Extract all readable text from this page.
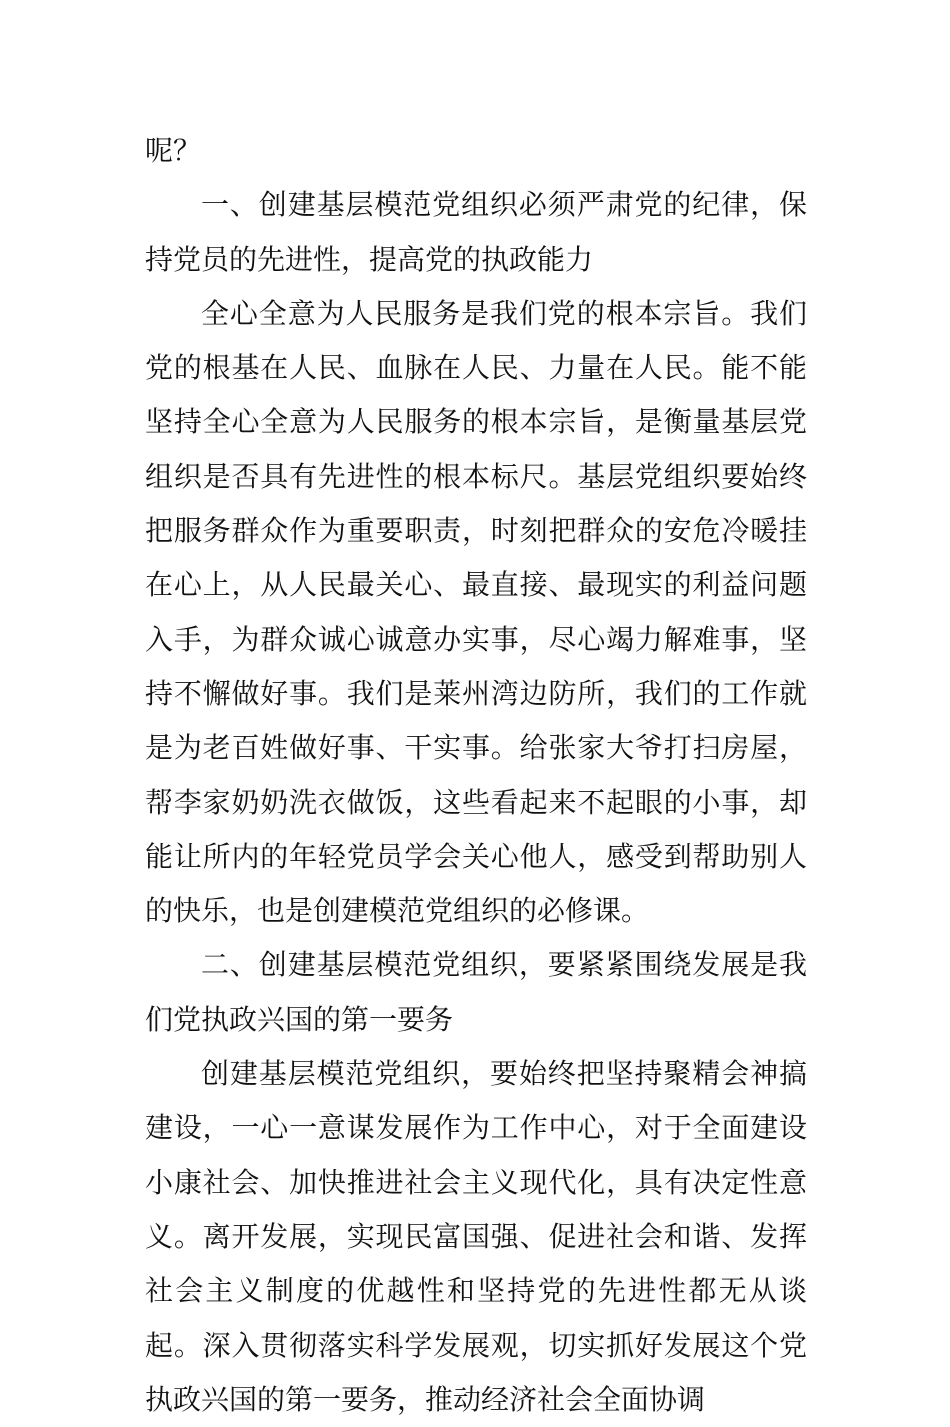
呢？

一、创建基层模范党组织必须严肃党的纪律，保持党员的先进性，提高党的执政能力

全心全意为人民服务是我们党的根本宗旨。我们党的根基在人民、血脉在人民、力量在人民。能不能坚持全心全意为人民服务的根本宗旨，是衡量基层党组织是否具有先进性的根本标尺。基层党组织要始终把服务群众作为重要职责，时刻把群众的安危冷暖挂在心上，从人民最关心、最直接、最现实的利益问题入手，为群众诚心诚意办实事，尽心竭力解难事，坚持不懈做好事。我们是莱州湾边防所，我们的工作就是为老百姓做好事、干实事。给张家大爷打扫房屋，帮李家奶奶洗衣做饭，这些看起来不起眼的小事，却能让所内的年轻党员学会关心他人，感受到帮助别人的快乐，也是创建模范党组织的必修课。

二、创建基层模范党组织，要紧紧围绕发展是我们党执政兴国的第一要务

创建基层模范党组织，要始终把坚持聚精会神搞建设，一心一意谋发展作为工作中心，对于全面建设小康社会、加快推进社会主义现代化，具有决定性意义。离开发展，实现民富国强、促进社会和谐、发挥社会主义制度的优越性和坚持党的先进性都无从谈起。深入贯彻落实科学发展观，切实抓好发展这个党执政兴国的第一要务，推动经济社会全面协调
